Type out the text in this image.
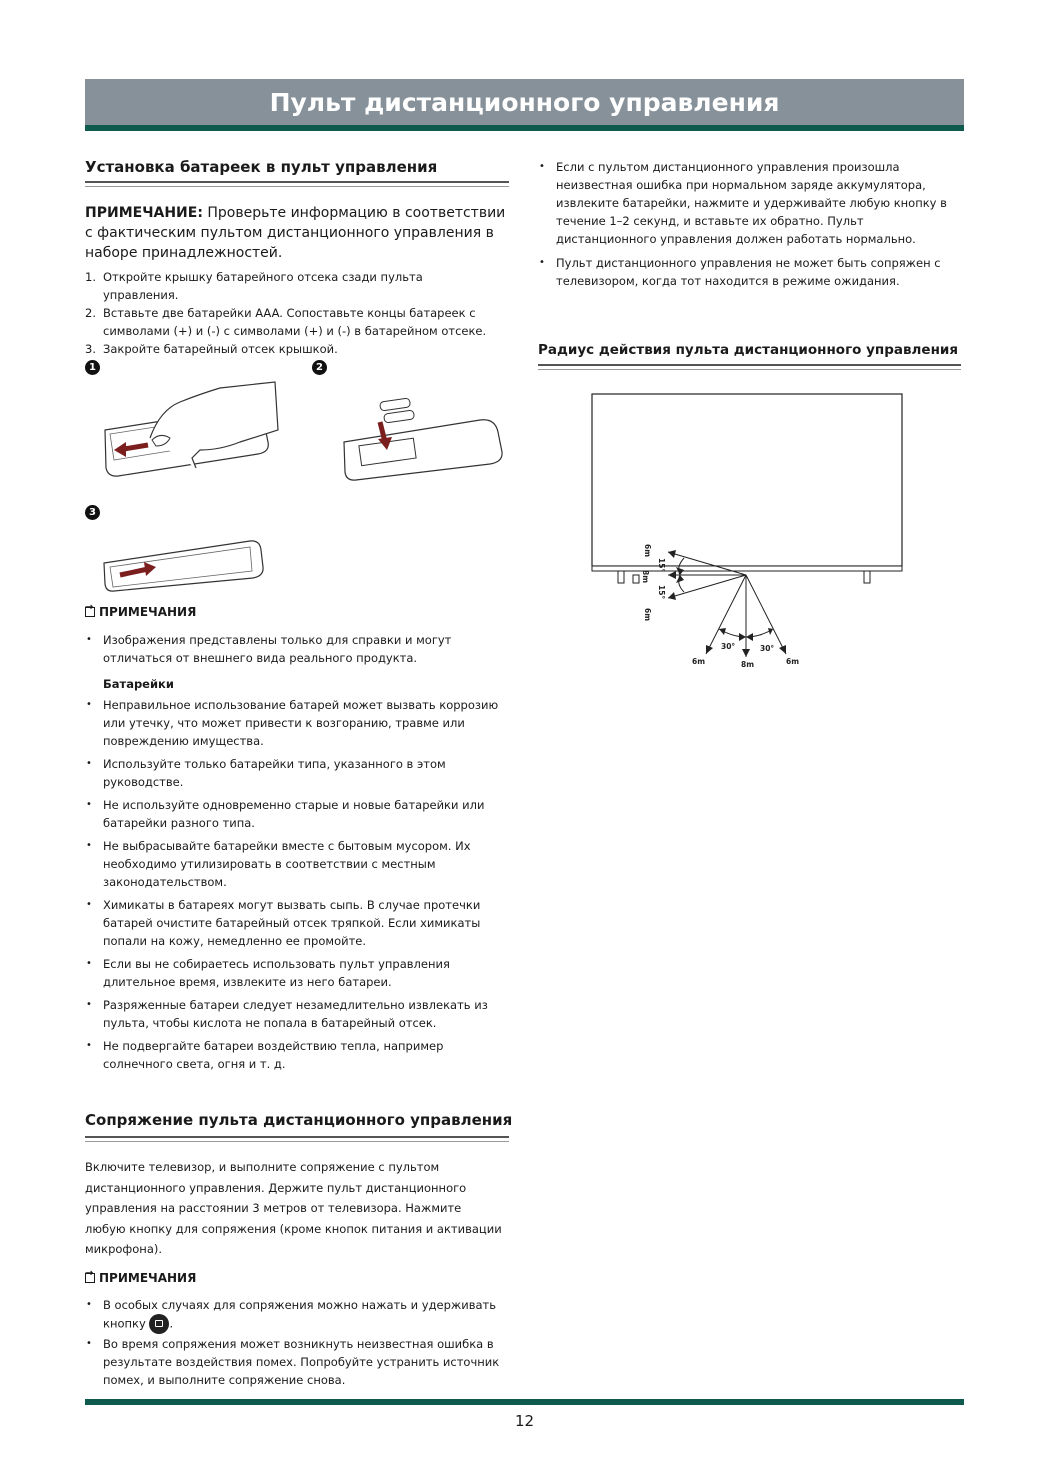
Пульт дистанционного управления
Установка батареек в пульт управления
ПРИМЕЧАНИЕ: Проверьте информацию в соответствии с фактическим пультом дистанционного управления в наборе принадлежностей.
1. Откройте крышку батарейного отсека сзади пульта управления.
2. Вставьте две батарейки AAA. Сопоставьте концы батареек с символами (+) и (-) с символами (+) и (-) в батарейном отсеке.
3. Закройте батарейный отсек крышкой.
1	2
3
→
ПРИМЕЧАНИЯ
• Изображения представлены только для справки и могут отличаться от внешнего вида реального продукта.
Батарейки
• Неправильное использование батарей может вызвать коррозию или утечку, что может привести к возгоранию, травме или повреждению имущества.
• Используйте только батарейки типа, указанного в этом руководстве.
• Не используйте одновременно старые и новые батарейки или батарейки разного типа.
• Не выбрасывайте батарейки вместе с бытовым мусором. Их необходимо утилизировать в соответствии с местным законодательством.
• Химикаты в батареях могут вызвать сыпь. В случае протечки батарей очистите батарейный отсек тряпкой. Если химикаты попали на кожу, немедленно ее промойте.
• Если вы не собираетесь использовать пульт управления длительное время, извлеките из него батареи.
• Разряженные батареи следует незамедлительно извлекать из пульта, чтобы кислота не попала в батарейный отсек.
• Не подвергайте батареи воздействию тепла, например солнечного света, огня и т. д.
Сопряжение пульта дистанционного управления
Включите телевизор, и выполните сопряжение с пультом дистанционного управления. Держите пульт дистанционного управления на расстоянии 3 метров от телевизора. Нажмите любую кнопку для сопряжения (кроме кнопок питания и активации микрофона).
→
ПРИМЕЧАНИЯ
• В особых случаях для сопряжения можно нажать и удерживать кнопку .
• Во время сопряжения может возникнуть неизвестная ошибка в результате воздействия помех. Попробуйте устранить источник помех, и выполните сопряжение снова.
• Если с пультом дистанционного управления произошла неизвестная ошибка при нормальном заряде аккумулятора, извлеките батарейки, нажмите и удерживайте любую кнопку в течение 1–2 секунд, и вставьте их обратно. Пульт дистанционного управления должен работать нормально.
• Пульт дистанционного управления не может быть сопряжен с телевизором, когда тот находится в режиме ожидания.
Радиус действия пульта дистанционного управления
6m
15°
8m
15°
6m
30°	30°
6m	8m	6m
12
